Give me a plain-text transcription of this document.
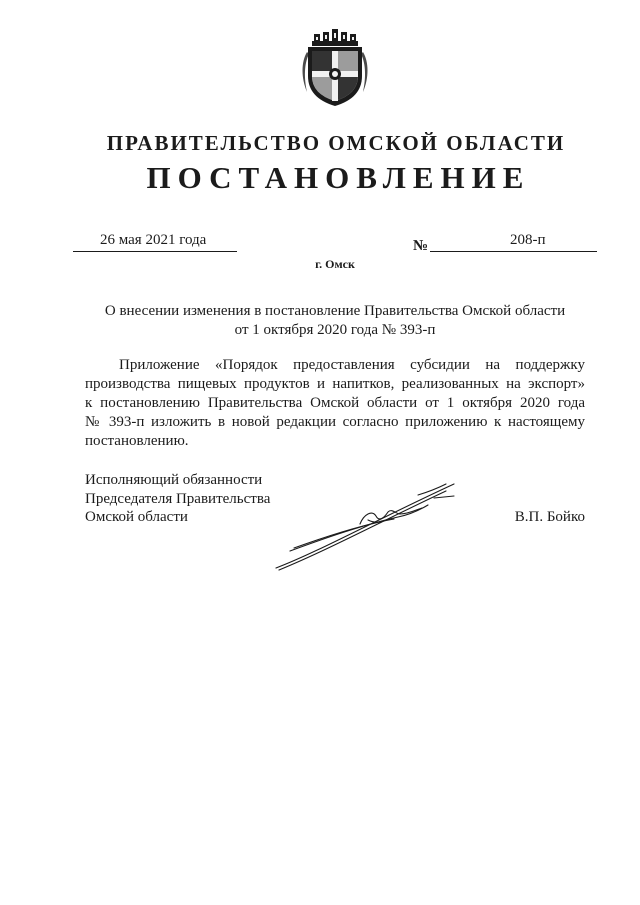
ПРАВИТЕЛЬСТВО ОМСКОЙ ОБЛАСТИ
ПОСТАНОВЛЕНИЕ
26 мая 2021 года	№	208-п
г. Омск
О внесении изменения в постановление Правительства Омской области
от 1 октября 2020 года № 393-п
Приложение «Порядок предоставления субсидии на поддержку
производства пищевых продуктов и напитков, реализованных на экспорт»
к постановлению Правительства Омской области от 1 октября 2020 года
№ 393-п изложить в новой редакции согласно приложению к настоящему
постановлению.
Исполняющий обязанности
Председателя Правительства
Омской области	В.П. Бойко
